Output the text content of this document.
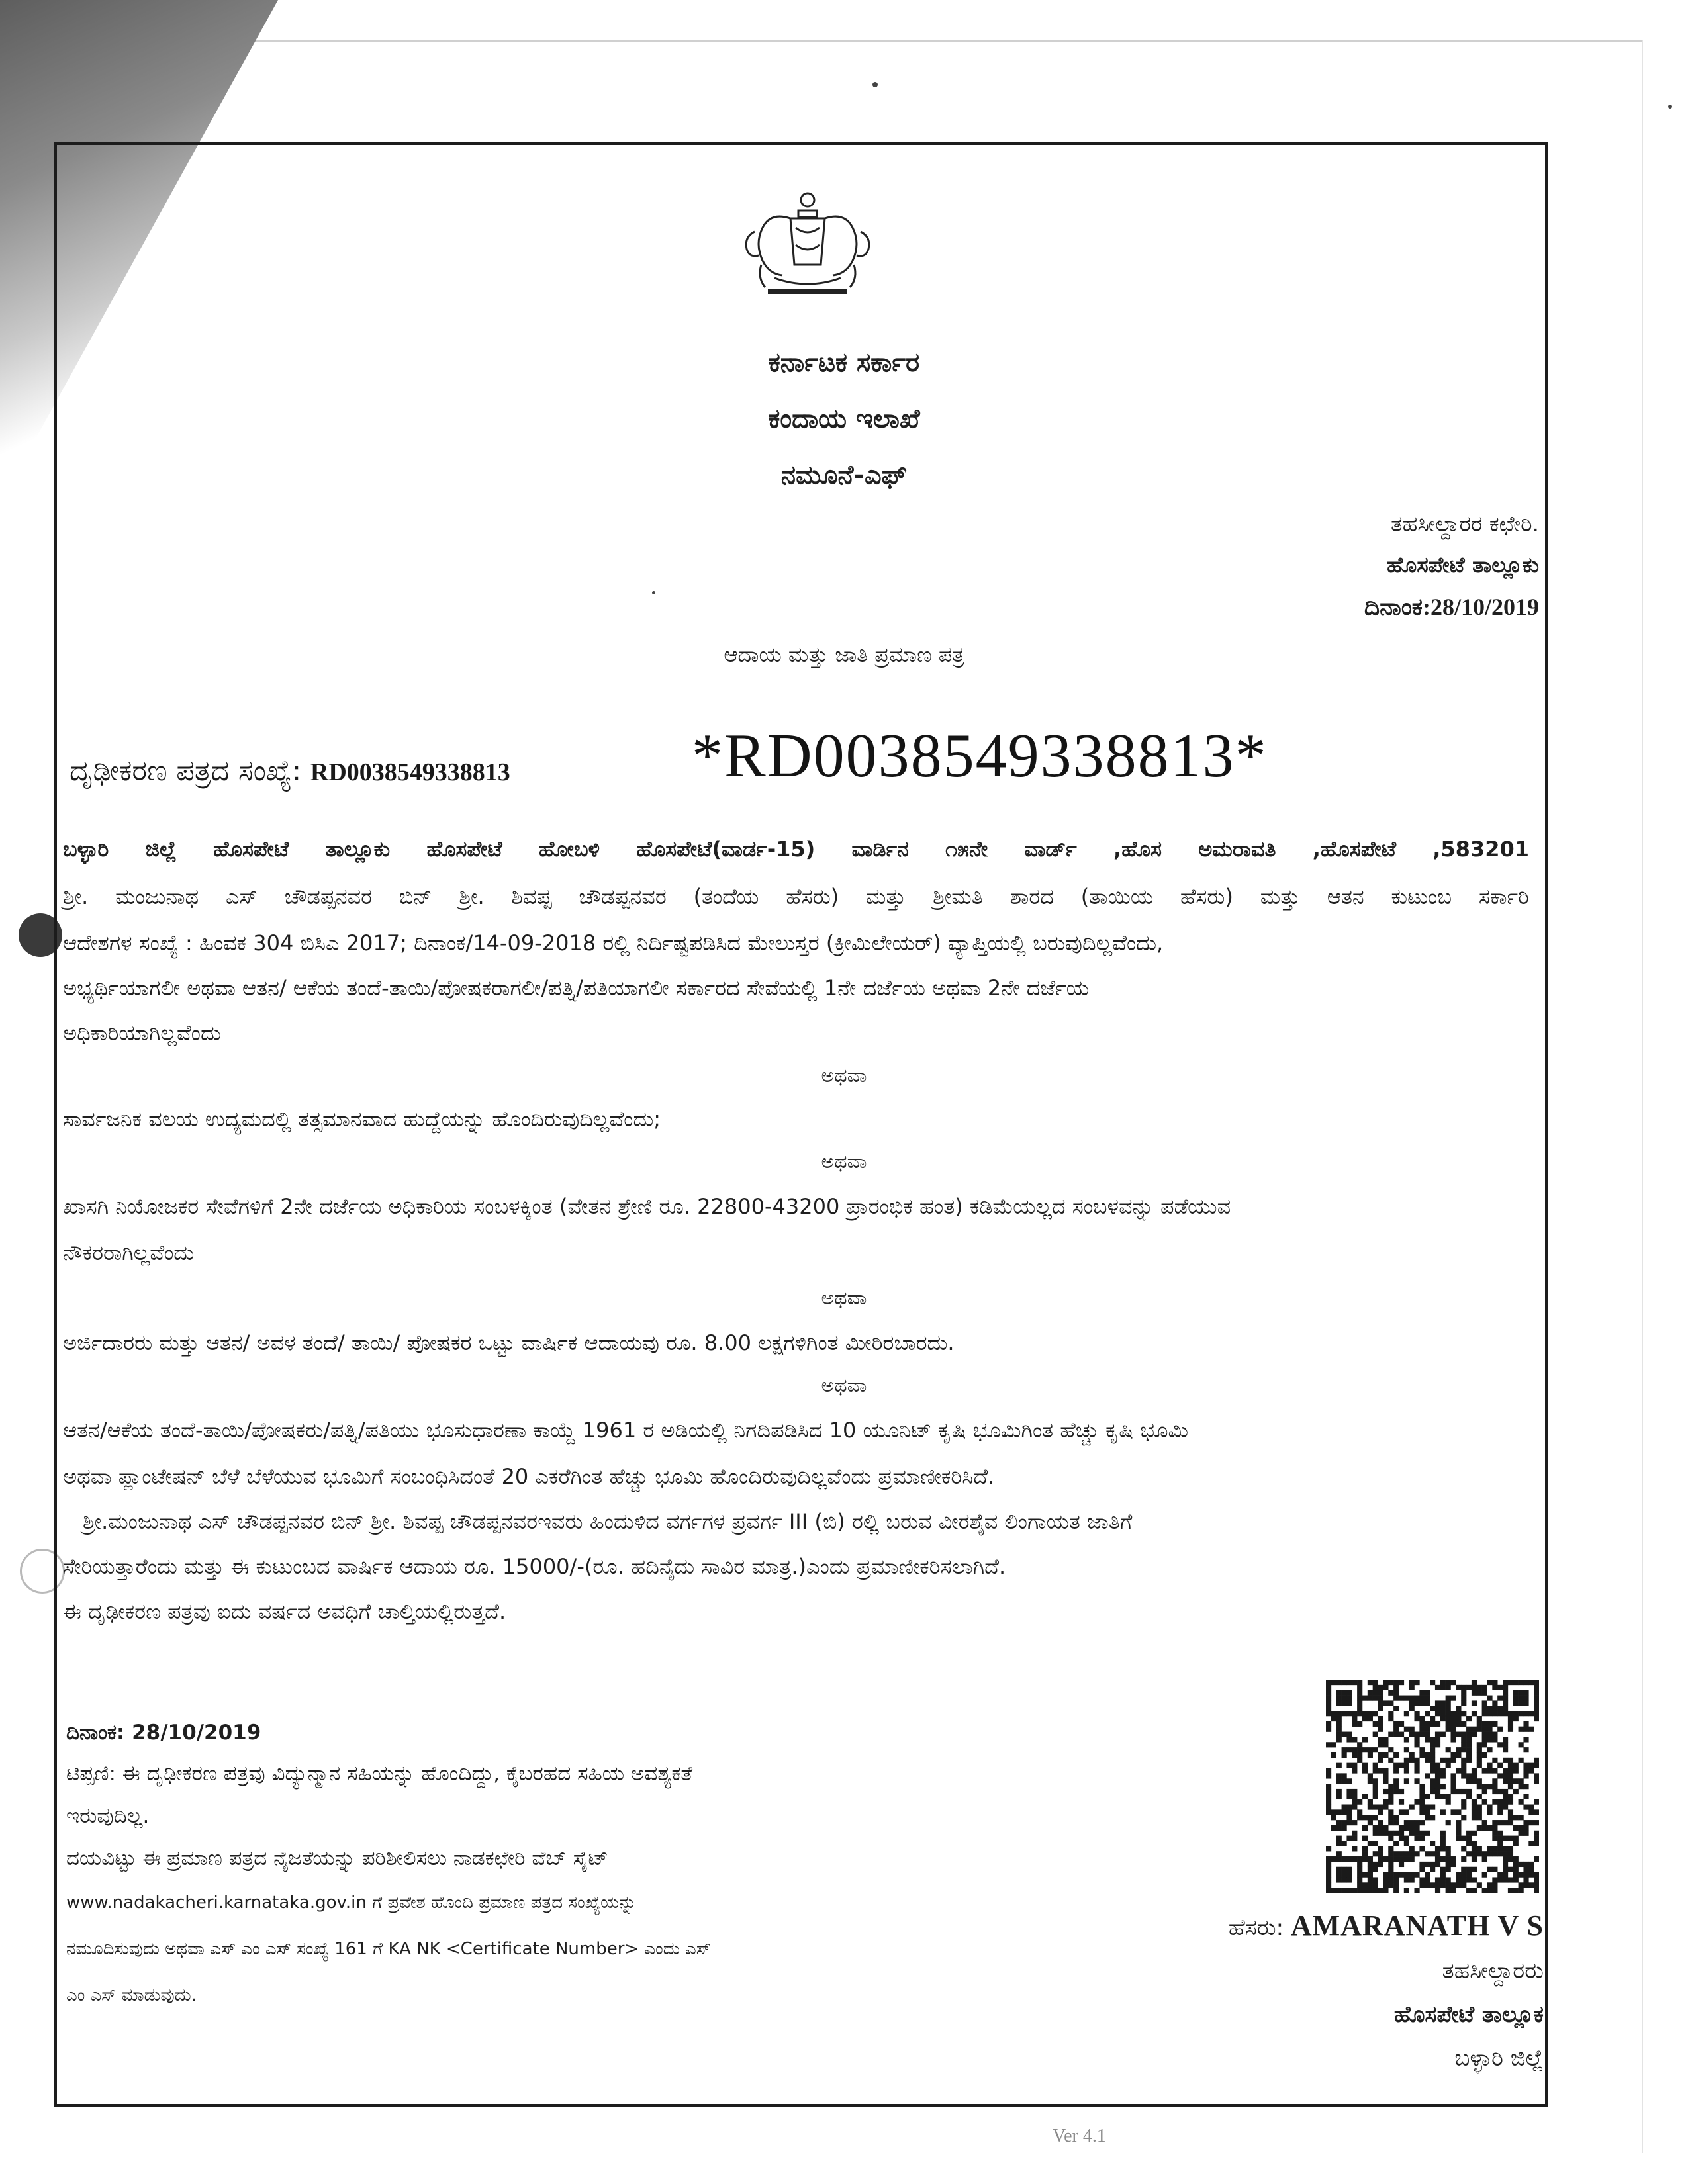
ಕರ್ನಾಟಕ ಸರ್ಕಾರ
ಕಂದಾಯ ಇಲಾಖೆ
ನಮೂನೆ-ಎಫ್
ತಹಸೀಲ್ದಾರರ ಕಛೇರಿ.
ಹೊಸಪೇಟೆ ತಾಲ್ಲೂಕು
ದಿನಾಂಕ:28/10/2019
ಆದಾಯ ಮತ್ತು ಜಾತಿ ಪ್ರಮಾಣ ಪತ್ರ
ದೃಢೀಕರಣ ಪತ್ರದ ಸಂಖ್ಯೆ: RD0038549338813	*RD0038549338813*
ಬಳ್ಳಾರಿ ಜಿಲ್ಲೆ ಹೊಸಪೇಟೆ ತಾಲ್ಲೂಕು ಹೊಸಪೇಟೆ ಹೋಬಳಿ ಹೊಸಪೇಟೆ(ವಾರ್ಡ-15) ವಾರ್ಡಿನ ೧೫ನೇ ವಾರ್ಡ್ ,ಹೊಸ ಅಮರಾವತಿ ,ಹೊಸಪೇಟೆ ,583201
ಶ್ರೀ. ಮಂಜುನಾಥ ಎಸ್ ಚೌಡಪ್ಪನವರ ಬಿನ್ ಶ್ರೀ. ಶಿವಪ್ಪ ಚೌಡಪ್ಪನವರ (ತಂದೆಯ ಹೆಸರು) ಮತ್ತು ಶ್ರೀಮತಿ ಶಾರದ (ತಾಯಿಯ ಹೆಸರು) ಮತ್ತು ಆತನ ಕುಟುಂಬ ಸರ್ಕಾರಿ
ಆದೇಶಗಳ ಸಂಖ್ಯೆ : ಹಿಂವಕ 304 ಬಿಸಿಎ 2017; ದಿನಾಂಕ/14-09-2018 ರಲ್ಲಿ ನಿರ್ದಿಷ್ಟಪಡಿಸಿದ ಮೇಲುಸ್ತರ (ಕ್ರೀಮಿಲೇಯರ್) ವ್ಯಾಪ್ತಿಯಲ್ಲಿ ಬರುವುದಿಲ್ಲವೆಂದು,
ಅಭ್ಯರ್ಥಿಯಾಗಲೀ ಅಥವಾ ಆತನ/ ಆಕೆಯ ತಂದೆ-ತಾಯಿ/ಪೋಷಕರಾಗಲೀ/ಪತ್ನಿ/ಪತಿಯಾಗಲೀ ಸರ್ಕಾರದ ಸೇವೆಯಲ್ಲಿ 1ನೇ ದರ್ಜೆಯ ಅಥವಾ 2ನೇ ದರ್ಜೆಯ
ಅಧಿಕಾರಿಯಾಗಿಲ್ಲವೆಂದು
ಅಥವಾ
ಸಾರ್ವಜನಿಕ ವಲಯ ಉದ್ಯಮದಲ್ಲಿ ತತ್ಸಮಾನವಾದ ಹುದ್ದೆಯನ್ನು ಹೊಂದಿರುವುದಿಲ್ಲವೆಂದು;
ಅಥವಾ
ಖಾಸಗಿ ನಿಯೋಜಕರ ಸೇವೆಗಳಿಗೆ 2ನೇ ದರ್ಜೆಯ ಅಧಿಕಾರಿಯ ಸಂಬಳಕ್ಕಿಂತ (ವೇತನ ಶ್ರೇಣಿ ರೂ. 22800-43200 ಪ್ರಾರಂಭಿಕ ಹಂತ) ಕಡಿಮೆಯಲ್ಲದ ಸಂಬಳವನ್ನು ಪಡೆಯುವ
ನೌಕರರಾಗಿಲ್ಲವೆಂದು
ಅಥವಾ
ಅರ್ಜಿದಾರರು ಮತ್ತು ಆತನ/ ಅವಳ ತಂದೆ/ ತಾಯಿ/ ಪೋಷಕರ ಒಟ್ಟು ವಾರ್ಷಿಕ ಆದಾಯವು ರೂ. 8.00 ಲಕ್ಷಗಳಿಗಿಂತ ಮೀರಿರಬಾರದು.
ಅಥವಾ
ಆತನ/ಆಕೆಯ ತಂದೆ-ತಾಯಿ/ಪೋಷಕರು/ಪತ್ನಿ/ಪತಿಯು ಭೂಸುಧಾರಣಾ ಕಾಯ್ದೆ 1961 ರ ಅಡಿಯಲ್ಲಿ ನಿಗದಿಪಡಿಸಿದ 10 ಯೂನಿಟ್ ಕೃಷಿ ಭೂಮಿಗಿಂತ ಹೆಚ್ಚು ಕೃಷಿ ಭೂಮಿ
ಅಥವಾ ಪ್ಲಾಂಟೇಷನ್ ಬೆಳೆ ಬೆಳೆಯುವ ಭೂಮಿಗೆ ಸಂಬಂಧಿಸಿದಂತೆ 20 ಎಕರೆಗಿಂತ ಹೆಚ್ಚು ಭೂಮಿ ಹೊಂದಿರುವುದಿಲ್ಲವೆಂದು ಪ್ರಮಾಣೀಕರಿಸಿದೆ.
ಶ್ರೀ.ಮಂಜುನಾಥ ಎಸ್ ಚೌಡಪ್ಪನವರ ಬಿನ್ ಶ್ರೀ. ಶಿವಪ್ಪ ಚೌಡಪ್ಪನವರಇವರು ಹಿಂದುಳಿದ ವರ್ಗಗಳ ಪ್ರವರ್ಗ III (ಬಿ) ರಲ್ಲಿ ಬರುವ ವೀರಶೈವ ಲಿಂಗಾಯತ ಜಾತಿಗೆ
ಸೇರಿಯತ್ತಾರೆಂದು ಮತ್ತು ಈ ಕುಟುಂಬದ ವಾರ್ಷಿಕ ಆದಾಯ ರೂ. 15000/-(ರೂ. ಹದಿನೈದು ಸಾವಿರ ಮಾತ್ರ.)ಎಂದು ಪ್ರಮಾಣೀಕರಿಸಲಾಗಿದೆ.
ಈ ದೃಢೀಕರಣ ಪತ್ರವು ಐದು ವರ್ಷದ ಅವಧಿಗೆ ಚಾಲ್ತಿಯಲ್ಲಿರುತ್ತದೆ.
ದಿನಾಂಕ: 28/10/2019
ಟಿಪ್ಪಣಿ: ಈ ದೃಢೀಕರಣ ಪತ್ರವು ವಿದ್ಯುನ್ಮಾನ ಸಹಿಯನ್ನು ಹೊಂದಿದ್ದು, ಕೈಬರಹದ ಸಹಿಯ ಅವಶ್ಯಕತೆ
ಇರುವುದಿಲ್ಲ.
ದಯವಿಟ್ಟು ಈ ಪ್ರಮಾಣ ಪತ್ರದ ನೈಜತೆಯನ್ನು ಪರಿಶೀಲಿಸಲು ನಾಡಕಛೇರಿ ವೆಬ್ ಸೈಟ್
www.nadakacheri.karnataka.gov.in ಗೆ ಪ್ರವೇಶ ಹೊಂದಿ ಪ್ರಮಾಣ ಪತ್ರದ ಸಂಖ್ಯೆಯನ್ನು
ನಮೂದಿಸುವುದು ಅಥವಾ ಎಸ್ ಎಂ ಎಸ್ ಸಂಖ್ಯೆ 161 ಗೆ KA NK <Certificate Number> ಎಂದು ಎಸ್
ಎಂ ಎಸ್ ಮಾಡುವುದು.
ಹೆಸರು: AMARANATH V S
ತಹಸೀಲ್ದಾರರು
ಹೊಸಪೇಟೆ ತಾಲ್ಲೂಕ
ಬಳ್ಳಾರಿ ಜಿಲ್ಲೆ
Ver 4.1
